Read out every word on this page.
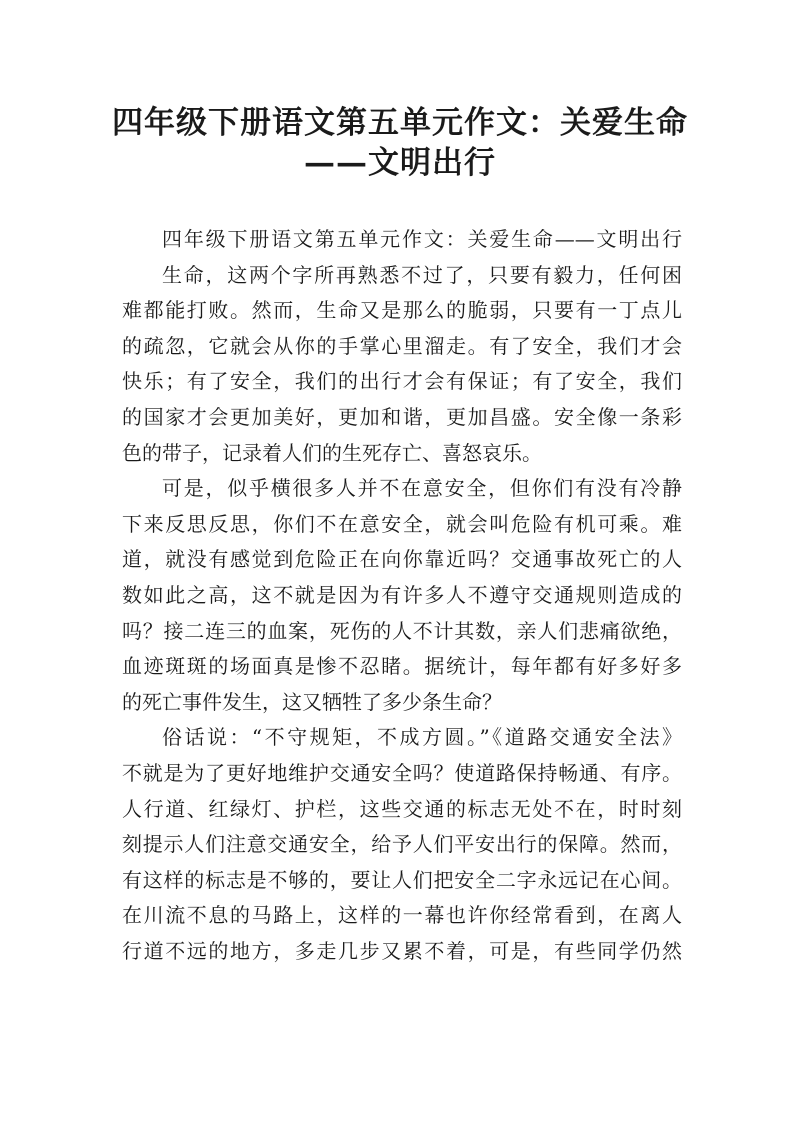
四年级下册语文第五单元作文：关爱生命
——文明出行
四年级下册语文第五单元作文：关爱生命——文明出行
生命，这两个字所再熟悉不过了，只要有毅力，任何困
难都能打败。然而，生命又是那么的脆弱，只要有一丁点儿
的疏忽，它就会从你的手掌心里溜走。有了安全，我们才会
快乐；有了安全，我们的出行才会有保证；有了安全，我们
的国家才会更加美好，更加和谐，更加昌盛。安全像一条彩
色的带子，记录着人们的生死存亡、喜怒哀乐。
可是，似乎横很多人并不在意安全，但你们有没有冷静
下来反思反思，你们不在意安全，就会叫危险有机可乘。难
道，就没有感觉到危险正在向你靠近吗？交通事故死亡的人
数如此之高，这不就是因为有许多人不遵守交通规则造成的
吗？接二连三的血案，死伤的人不计其数，亲人们悲痛欲绝，
血迹斑斑的场面真是惨不忍睹。据统计，每年都有好多好多
的死亡事件发生，这又牺牲了多少条生命？
俗话说：“不守规矩，不成方圆。”《道路交通安全法》
不就是为了更好地维护交通安全吗？使道路保持畅通、有序。
人行道、红绿灯、护栏，这些交通的标志无处不在，时时刻
刻提示人们注意交通安全，给予人们平安出行的保障。然而，
有这样的标志是不够的，要让人们把安全二字永远记在心间。
在川流不息的马路上，这样的一幕也许你经常看到，在离人
行道不远的地方，多走几步又累不着，可是，有些同学仍然
